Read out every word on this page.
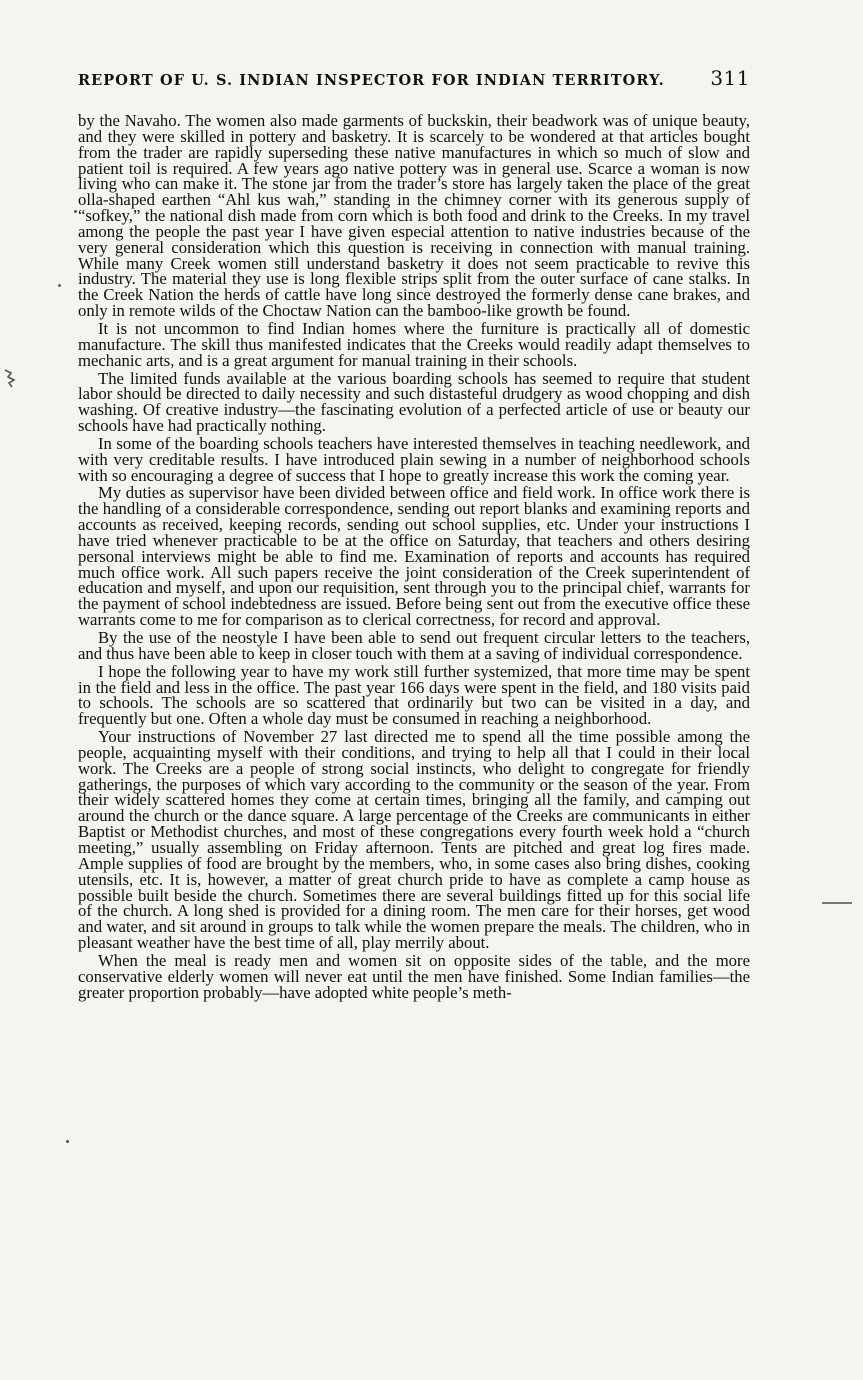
REPORT OF U. S. INDIAN INSPECTOR FOR INDIAN TERRITORY. 311

by the Navaho. The women also made garments of buckskin, their beadwork was of unique beauty, and they were skilled in pottery and basketry. It is scarcely to be wondered at that articles bought from the trader are rapidly superseding these native manufactures in which so much of slow and patient toil is required. A few years ago native pottery was in general use. Scarce a woman is now living who can make it. The stone jar from the trader’s store has largely taken the place of the great olla-shaped earthen “Ahl kus wah,” standing in the chimney corner with its generous supply of “sofkey,” the national dish made from corn which is both food and drink to the Creeks. In my travel among the people the past year I have given especial attention to native industries because of the very general consideration which this question is receiving in connection with manual training. While many Creek women still understand basketry it does not seem practicable to revive this industry. The material they use is long flexible strips split from the outer surface of cane stalks. In the Creek Nation the herds of cattle have long since destroyed the formerly dense cane brakes, and only in remote wilds of the Choctaw Nation can the bamboo-like growth be found.

It is not uncommon to find Indian homes where the furniture is practically all of domestic manufacture. The skill thus manifested indicates that the Creeks would readily adapt themselves to mechanic arts, and is a great argument for manual training in their schools.

The limited funds available at the various boarding schools has seemed to require that student labor should be directed to daily necessity and such distasteful drudgery as wood chopping and dish washing. Of creative industry—the fascinating evolution of a perfected article of use or beauty our schools have had practically nothing.

In some of the boarding schools teachers have interested themselves in teaching needlework, and with very creditable results. I have introduced plain sewing in a number of neighborhood schools with so encouraging a degree of success that I hope to greatly increase this work the coming year.

My duties as supervisor have been divided between office and field work. In office work there is the handling of a considerable correspondence, sending out report blanks and examining reports and accounts as received, keeping records, sending out school supplies, etc. Under your instructions I have tried whenever practicable to be at the office on Saturday, that teachers and others desiring personal interviews might be able to find me. Examination of reports and accounts has required much office work. All such papers receive the joint consideration of the Creek superintendent of education and myself, and upon our requisition, sent through you to the principal chief, warrants for the payment of school indebtedness are issued. Before being sent out from the executive office these warrants come to me for comparison as to clerical correctness, for record and approval.

By the use of the neostyle I have been able to send out frequent circular letters to the teachers, and thus have been able to keep in closer touch with them at a saving of individual correspondence.

I hope the following year to have my work still further systemized, that more time may be spent in the field and less in the office. The past year 166 days were spent in the field, and 180 visits paid to schools. The schools are so scattered that ordinarily but two can be visited in a day, and frequently but one. Often a whole day must be consumed in reaching a neighborhood.

Your instructions of November 27 last directed me to spend all the time possible among the people, acquainting myself with their conditions, and trying to help all that I could in their local work. The Creeks are a people of strong social instincts, who delight to congregate for friendly gatherings, the purposes of which vary according to the community or the season of the year. From their widely scattered homes they come at certain times, bringing all the family, and camping out around the church or the dance square. A large percentage of the Creeks are communicants in either Baptist or Methodist churches, and most of these congregations every fourth week hold a “church meeting,” usually assembling on Friday afternoon. Tents are pitched and great log fires made. Ample supplies of food are brought by the members, who, in some cases also bring dishes, cooking utensils, etc. It is, however, a matter of great church pride to have as complete a camp house as possible built beside the church. Sometimes there are several buildings fitted up for this social life of the church. A long shed is provided for a dining room. The men care for their horses, get wood and water, and sit around in groups to talk while the women prepare the meals. The children, who in pleasant weather have the best time of all, play merrily about.

When the meal is ready men and women sit on opposite sides of the table, and the more conservative elderly women will never eat until the men have finished. Some Indian families—the greater proportion probably—have adopted white people’s meth-
